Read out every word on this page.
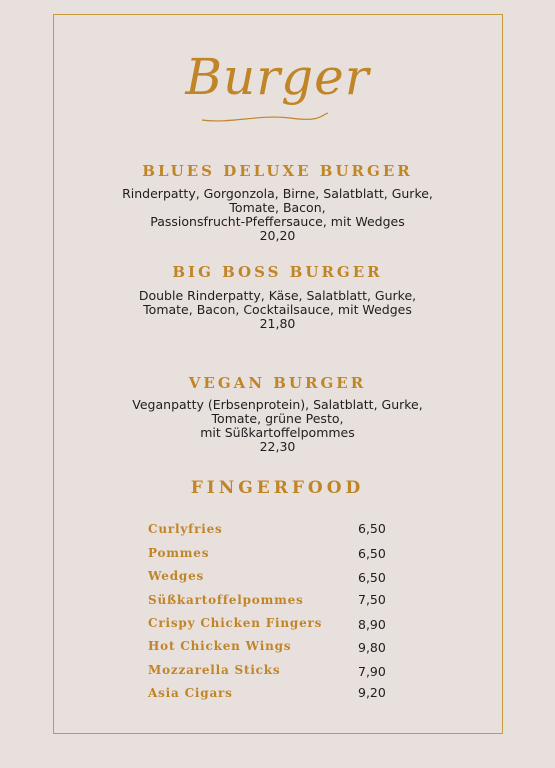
Burger
BLUES DELUXE BURGER
Rinderpatty, Gorgonzola, Birne, Salatblatt, Gurke,
Tomate, Bacon,
Passionsfrucht-Pfeffersauce, mit Wedges
20,20
BIG BOSS BURGER
Double Rinderpatty, Käse, Salatblatt, Gurke,
Tomate, Bacon, Cocktailsauce, mit Wedges
21,80
VEGAN BURGER
Veganpatty (Erbsenprotein), Salatblatt, Gurke,
Tomate, grüne Pesto,
mit Süßkartoffelpommes
22,30
FINGERFOOD
Curlyfries	6,50
Pommes	6,50
Wedges	6,50
Süßkartoffelpommes	7,50
Crispy Chicken Fingers	8,90
Hot Chicken Wings	9,80
Mozzarella Sticks	7,90
Asia Cigars	9,20
